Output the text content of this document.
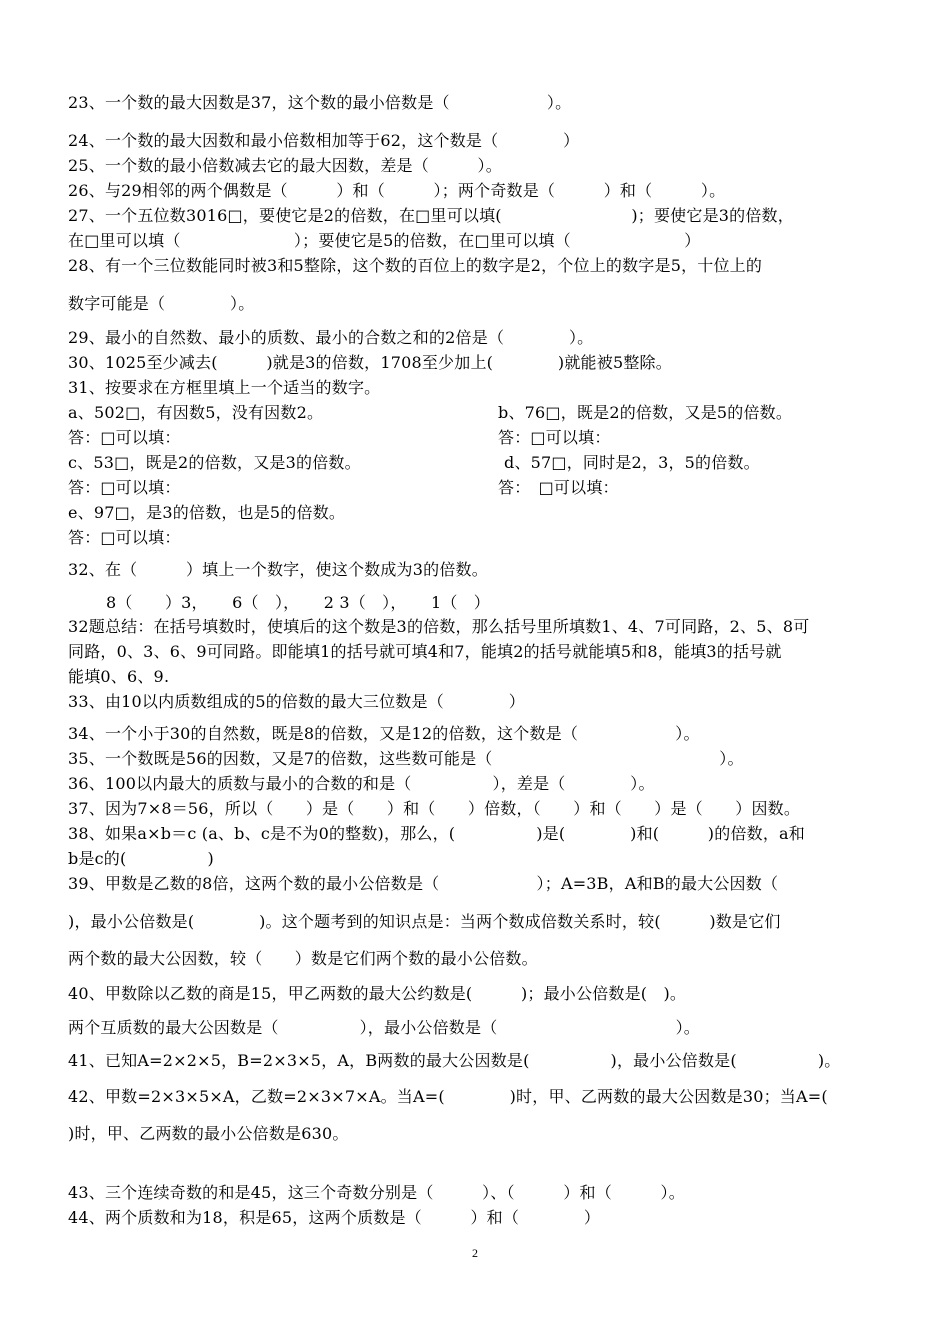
23、一个数的最大因数是37，这个数的最小倍数是（　　　　　　）。
24、一个数的最大因数和最小倍数相加等于62，这个数是（　　　　）
25、一个数的最小倍数减去它的最大因数，差是（　　　）。
26、与29相邻的两个偶数是（　　　）和（　　　）；两个奇数是（　　　）和（　　　）。
27、一个五位数3016□，要使它是2的倍数，在□里可以填(　　　　　　　　)；要使它是3的倍数，
在□里可以填（　　　　　　　）；要使它是5的倍数，在□里可以填（　　　　　　　）
28、有一个三位数能同时被3和5整除，这个数的百位上的数字是2，个位上的数字是5，十位上的
数字可能是（　　　　）。
29、最小的自然数、最小的质数、最小的合数之和的2倍是（　　　　）。
30、1025至少减去(　　　)就是3的倍数，1708至少加上(　　　　)就能被5整除。
31、按要求在方框里填上一个适当的数字。
a、502□，有因数5，没有因数2。	b、76□，既是2的倍数，又是5的倍数。
答：□可以填：	答：□可以填：
c、53□，既是2的倍数，又是3的倍数。	d、57□，同时是2，3，5的倍数。
答：□可以填：	答：　□可以填：
e、97□，是3的倍数，也是5的倍数。
答：□可以填：
32、在（　　　）填上一个数字，使这个数成为3的倍数。
8（　　）3，　　6（　），　　2 3（　），　　1（　）
32题总结：在括号填数时，使填后的这个数是3的倍数，那么括号里所填数1、4、7可同路，2、5、8可
同路，0、3、6、9可同路。即能填1的括号就可填4和7，能填2的括号就能填5和8，能填3的括号就
能填0、6、9.
33、由10以内质数组成的5的倍数的最大三位数是（　　　　）
34、一个小于30的自然数，既是8的倍数，又是12的倍数，这个数是（　　　　　　）。
35、一个数既是56的因数，又是7的倍数，这些数可能是（　　　　　　　　　　　　　　）。
36、100以内最大的质数与最小的合数的和是（　　　　　），差是（　　　　）。
37、因为7×8＝56，所以（　　）是（　　）和（　　）倍数，（　　）和（　　）是（　　）因数。
38、如果a×b＝c (a、b、c是不为0的整数)，那么，(　　　　　)是(　　　　)和(　　　)的倍数，a和
b是c的(　　　　　)
39、甲数是乙数的8倍，这两个数的最小公倍数是（　　　　　　）；A=3B，A和B的最大公因数（
)，最小公倍数是(　　　　)。这个题考到的知识点是：当两个数成倍数关系时，较(　　　)数是它们
两个数的最大公因数，较（　　）数是它们两个数的最小公倍数。
40、甲数除以乙数的商是15，甲乙两数的最大公约数是(　　　)；最小公倍数是(　)。
两个互质数的最大公因数是（　　　　　），最小公倍数是（　　　　　　　　　　　）。
41、已知A=2×2×5，B=2×3×5，A，B两数的最大公因数是(　　　　　)，最小公倍数是(　　　　　)。
42、甲数=2×3×5×A，乙数=2×3×7×A。当A=(　　　　)时，甲、乙两数的最大公因数是30；当A=(
)时，甲、乙两数的最小公倍数是630。
43、三个连续奇数的和是45，这三个奇数分别是（　　　）、（　　　）和（　　　）。
44、两个质数和为18，积是65，这两个质数是（　　　）和（　　　　）
2
